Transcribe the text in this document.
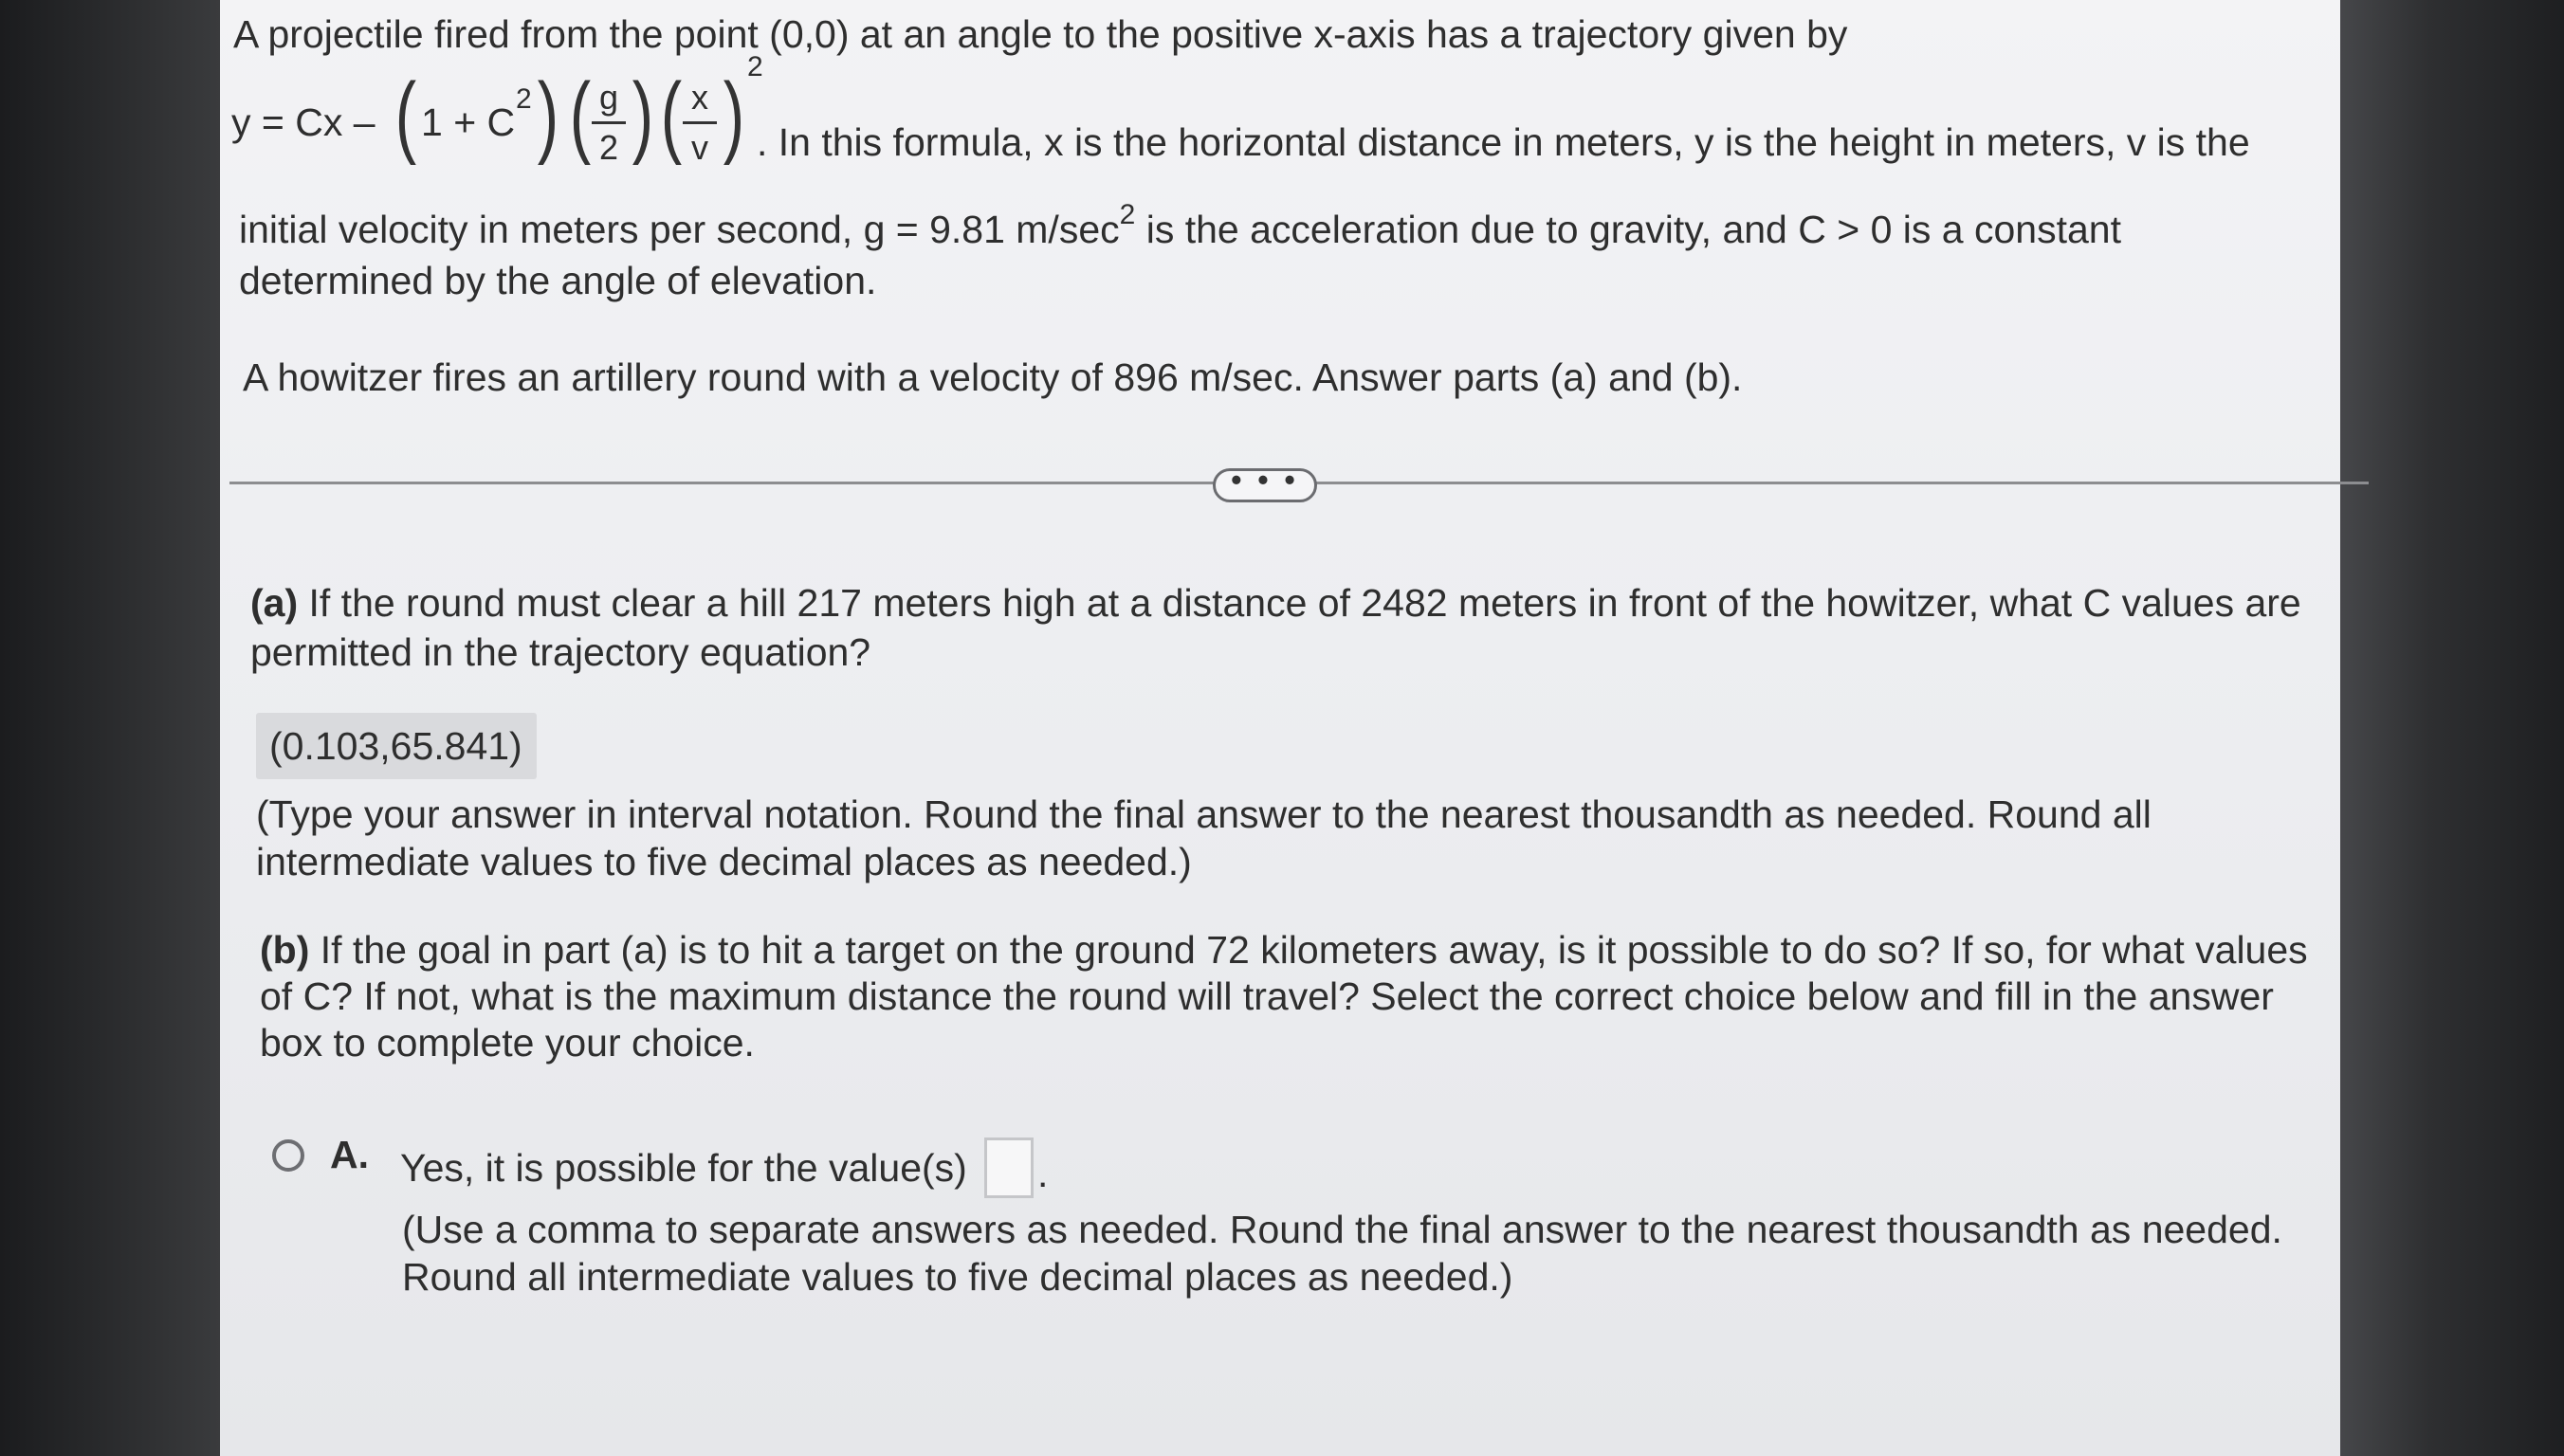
A projectile fired from the point (0,0) at an angle to the positive x-axis has a trajectory given by
y = Cx – ( 1 + C
2 ) ( g
2 ) ( x
v ) 2
. In this formula, x is the horizontal distance in meters, y is the height in meters, v is the
initial velocity in meters per second, g = 9.81 $m/\sec^2$ is the acceleration due to gravity, and C > 0 is a constant
determined by the angle of elevation.
A howitzer fires an artillery round with a velocity of 896 m/sec. Answer parts (a) and (b).
• • •
(a) If the round must clear a hill 217 meters high at a distance of 2482 meters in front of the howitzer, what C values are permitted in the trajectory equation?
(0.103,65.841)
(Type your answer in interval notation. Round the final answer to the nearest thousandth as needed. Round all intermediate values to five decimal places as needed.)
(b) If the goal in part (a) is to hit a target on the ground 72 kilometers away, is it possible to do so? If so, for what values of C? If not, what is the maximum distance the round will travel? Select the correct choice below and fill in the answer box to complete your choice.
A. Yes, it is possible for the value(s) .
(Use a comma to separate answers as needed. Round the final answer to the nearest thousandth as needed. Round all intermediate values to five decimal places as needed.)
